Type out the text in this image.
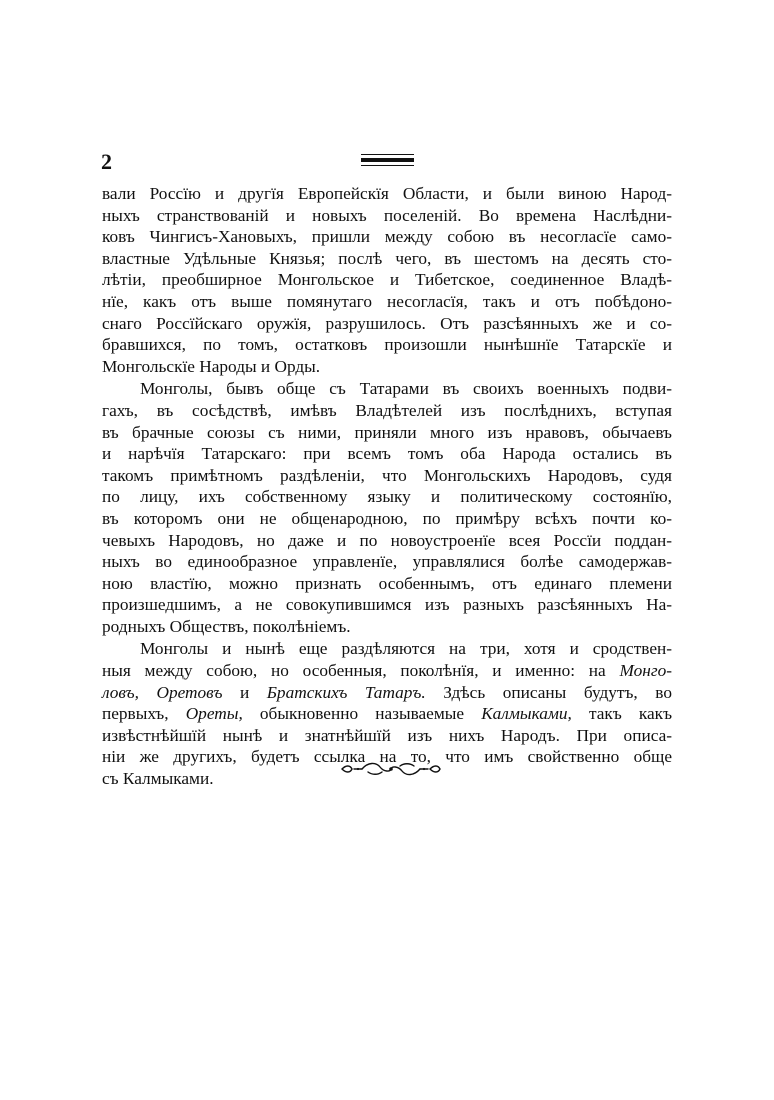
2
вали Россїю и другїя Европейскїя Области, и были виною Народ-
ныхъ странствованiй и новыхъ поселенiй. Во времена Наслѣдни-
ковъ Чингисъ-Хановыхъ, пришли между собою въ несогласїе само-
властные Удѣльные Князья; послѣ чего, въ шестомъ на десять сто-
лѣтiи, преобширное Монгольское и Тибетское, соединенное Владѣ-
нїе, какъ отъ выше помянутаго несогласїя, такъ и отъ побѣдонo-
снаго Россїйскаго оружїя, разрушилось. Отъ разсѣянныхъ же и со-
бравшихся, по томъ, остатковъ произошли нынѣшнїе Татарскїе и
Монгольскїе Народы и Орды.
Монголы, бывъ обще съ Татарами въ своихъ военныхъ подви-
гахъ, въ сосѣдствѣ, имѣвъ Владѣтелей изъ послѣднихъ, вступая
въ брачные союзы съ ними, приняли много изъ нравовъ, обычаевъ
и нарѣчїя Татарскаго: при всемъ томъ оба Народа остались въ
такомъ примѣтномъ раздѣленiи, что Монгольскихъ Народовъ, судя
по лицу, ихъ собственному языку и политическому состоянїю,
въ которомъ они не общенародною, по примѣру всѣхъ почти ко-
чевыхъ Народовъ, но даже и по новоустроенїе всея Россїи поддан-
ныхъ во единообразное управленїе, управлялися болѣе самодержав-
ною властїю, можно признать особеннымъ, отъ единаго племени
произшедшимъ, а не совокупившимся изъ разныхъ разсѣянныхъ На-
родныхъ Обществъ, поколѣнiемъ.
Монголы и нынѣ еще раздѣляются на три, хотя и сродствен-
ныя между собою, но особенныя, поколѣнїя, и именно: на Монго-
ловъ, Оретовъ и Братскихъ Татаръ. Здѣсь описаны будутъ, во
первыхъ, Ореты, обыкновенно называемые Калмыками, такъ какъ
извѣстнѣйшїй нынѣ и знатнѣйшїй изъ нихъ Народъ. При описа-
нiи же другихъ, будетъ ссылка на то, что имъ свойственно обще
съ Калмыками.
